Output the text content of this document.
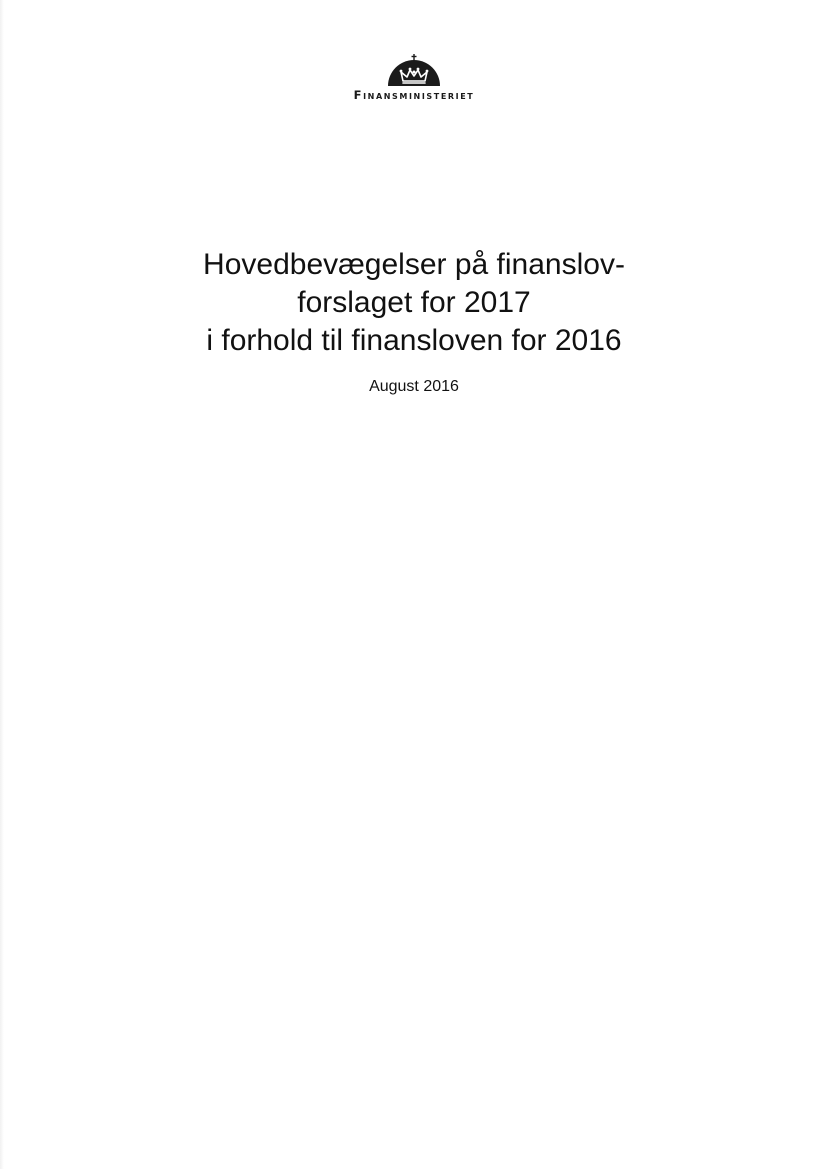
Finansministeriet
Hovedbevægelser på finanslov-
forslaget for 2017
i forhold til finansloven for 2016
August 2016
